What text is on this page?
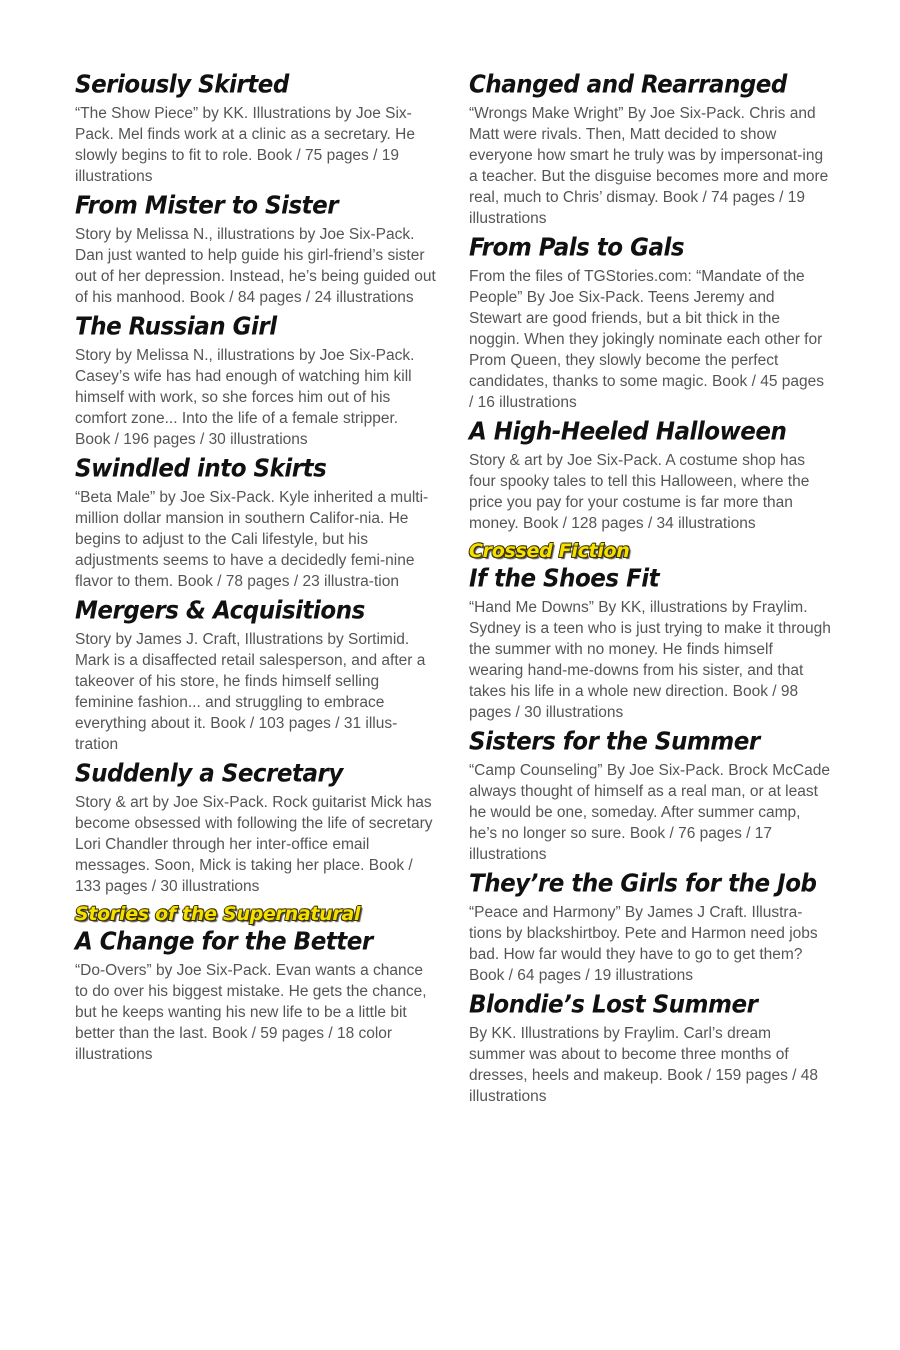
Seriously Skirted

“The Show Piece” by KK. Illustrations by Joe Six-Pack. Mel finds work at a clinic as a secretary. He slowly begins to fit to role. Book / 75 pages / 19 illustrations

From Mister to Sister

Story by Melissa N., illustrations by Joe Six-Pack. Dan just wanted to help guide his girl-friend’s sister out of her depression. Instead, he’s being guided out of his manhood. Book / 84 pages / 24 illustrations

The Russian Girl

Story by Melissa N., illustrations by Joe Six-Pack. Casey’s wife has had enough of watching him kill himself with work, so she forces him out of his comfort zone... Into the life of a female stripper. Book / 196 pages / 30 illustrations

Swindled into Skirts

“Beta Male” by Joe Six-Pack. Kyle inherited a multi-million dollar mansion in southern Califor-nia. He begins to adjust to the Cali lifestyle, but his adjustments seems to have a decidedly femi-nine flavor to them. Book / 78 pages / 23 illustra-tion

Mergers & Acquisitions

Story by James J. Craft, Illustrations by Sortimid. Mark is a disaffected retail salesperson, and after a takeover of his store, he finds himself selling feminine fashion... and struggling to embrace everything about it. Book / 103 pages / 31 illus-tration

Suddenly a Secretary

Story & art by Joe Six-Pack. Rock guitarist Mick has become obsessed with following the life of secretary Lori Chandler through her inter-office email messages. Soon, Mick is taking her place. Book / 133 pages / 30 illustrations

Stories of the Supernatural
A Change for the Better

“Do-Overs” by Joe Six-Pack. Evan wants a chance to do over his biggest mistake. He gets the chance, but he keeps wanting his new life to be a little bit better than the last. Book / 59 pages / 18 color illustrations

Changed and Rearranged

“Wrongs Make Wright” By Joe Six-Pack. Chris and Matt were rivals. Then, Matt decided to show everyone how smart he truly was by impersonat-ing a teacher. But the disguise becomes more and more real, much to Chris’ dismay. Book / 74 pages / 19 illustrations

From Pals to Gals

From the files of TGStories.com: “Mandate of the People” By Joe Six-Pack. Teens Jeremy and Stewart are good friends, but a bit thick in the noggin. When they jokingly nominate each other for Prom Queen, they slowly become the perfect candidates, thanks to some magic. Book / 45 pages / 16 illustrations

A High-Heeled Halloween

Story & art by Joe Six-Pack. A costume shop has four spooky tales to tell this Halloween, where the price you pay for your costume is far more than money. Book / 128 pages / 34 illustrations

Crossed Fiction
If the Shoes Fit

“Hand Me Downs” By KK, illustrations by Fraylim. Sydney is a teen who is just trying to make it through the summer with no money. He finds himself wearing hand-me-downs from his sister, and that takes his life in a whole new direction. Book / 98 pages / 30 illustrations

Sisters for the Summer

“Camp Counseling” By Joe Six-Pack. Brock McCade always thought of himself as a real man, or at least he would be one, someday. After summer camp, he’s no longer so sure. Book / 76 pages / 17 illustrations

They’re the Girls for the Job

“Peace and Harmony” By James J Craft. Illustra-tions by blackshirtboy. Pete and Harmon need jobs bad. How far would they have to go to get them? Book / 64 pages / 19 illustrations

Blondie’s Lost Summer

By KK. Illustrations by Fraylim. Carl’s dream summer was about to become three months of dresses, heels and makeup. Book / 159 pages / 48 illustrations
